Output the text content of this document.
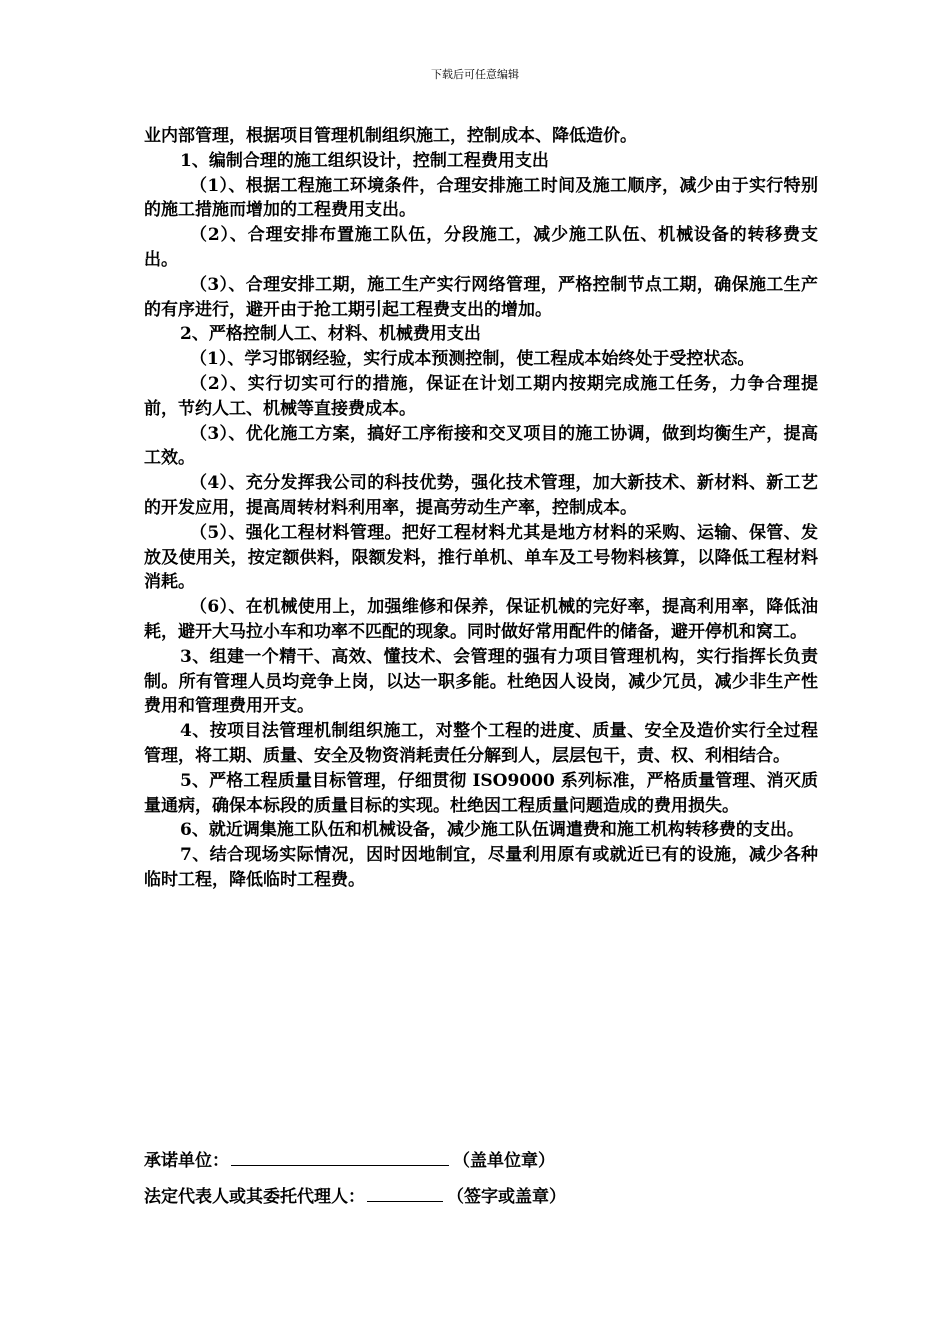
下载后可任意编辑

业内部管理，根据项目管理机制组织施工，控制成本、降低造价。

1、编制合理的施工组织设计，控制工程费用支出

（1）、根据工程施工环境条件，合理安排施工时间及施工顺序，减少由于实行特别的施工措施而增加的工程费用支出。

（2）、合理安排布置施工队伍，分段施工，减少施工队伍、机械设备的转移费支出。

（3）、合理安排工期，施工生产实行网络管理，严格控制节点工期，确保施工生产的有序进行，避开由于抢工期引起工程费支出的增加。

2、严格控制人工、材料、机械费用支出

（1）、学习邯钢经验，实行成本预测控制，使工程成本始终处于受控状态。

（2）、实行切实可行的措施，保证在计划工期内按期完成施工任务，力争合理提前，节约人工、机械等直接费成本。

（3）、优化施工方案，搞好工序衔接和交叉项目的施工协调，做到均衡生产，提高工效。

（4）、充分发挥我公司的科技优势，强化技术管理，加大新技术、新材料、新工艺的开发应用，提高周转材料利用率，提高劳动生产率，控制成本。

（5）、强化工程材料管理。把好工程材料尤其是地方材料的采购、运输、保管、发放及使用关，按定额供料，限额发料，推行单机、单车及工号物料核算，以降低工程材料消耗。

（6）、在机械使用上，加强维修和保养，保证机械的完好率，提高利用率，降低油耗，避开大马拉小车和功率不匹配的现象。同时做好常用配件的储备，避开停机和窝工。

3、组建一个精干、高效、懂技术、会管理的强有力项目管理机构，实行指挥长负责制。所有管理人员均竞争上岗，以达一职多能。杜绝因人设岗，减少冗员，减少非生产性费用和管理费用开支。

4、按项目法管理机制组织施工，对整个工程的进度、质量、安全及造价实行全过程管理，将工期、质量、安全及物资消耗责任分解到人，层层包干，责、权、利相结合。

5、严格工程质量目标管理，仔细贯彻 ISO9000 系列标准，严格质量管理、消灭质量通病，确保本标段的质量目标的实现。杜绝因工程质量问题造成的费用损失。

6、就近调集施工队伍和机械设备，减少施工队伍调遣费和施工机构转移费的支出。

7、结合现场实际情况，因时因地制宜，尽量利用原有或就近已有的设施，减少各种临时工程，降低临时工程费。

承诺单位：	（盖单位章）
法定代表人或其委托代理人：	（签字或盖章）
